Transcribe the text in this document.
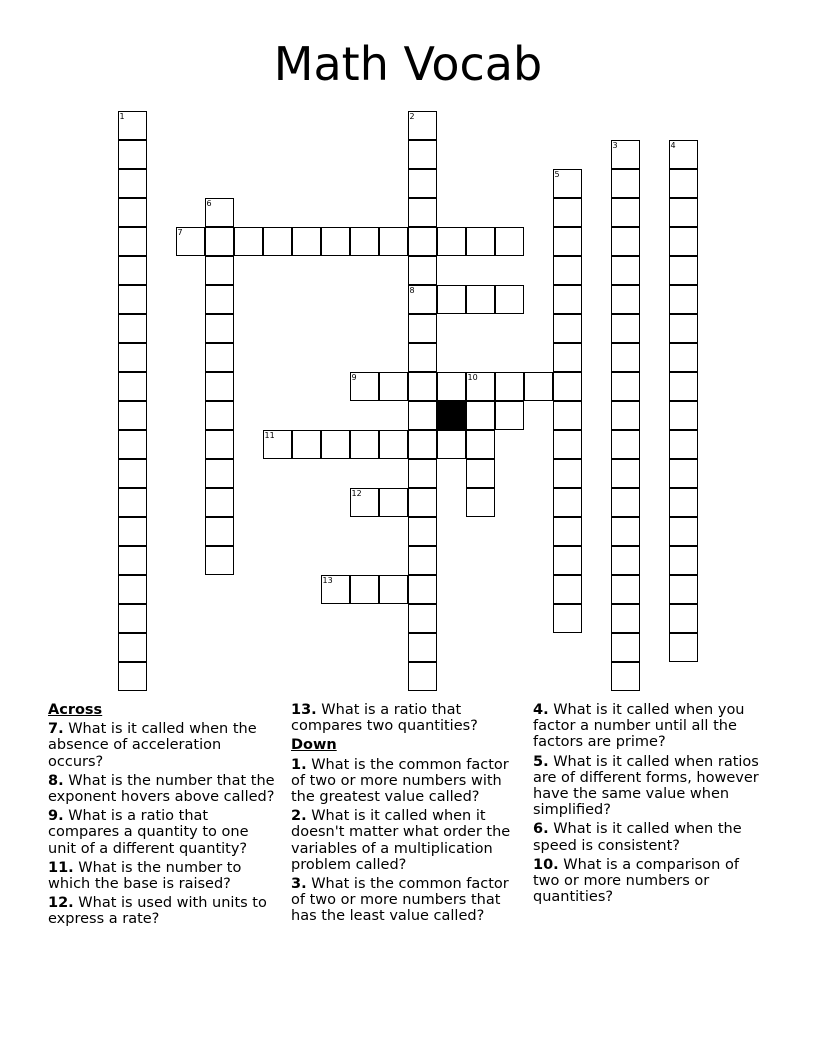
Math Vocab
1	2
8
3	4
5
6
7
9	10
11
12
13

Across

7. What is it called when the absence of acceleration occurs?

8. What is the number that the exponent hovers above called?

9. What is a ratio that compares a quantity to one unit of a different quantity?

11. What is the number to which the base is raised?

12. What is used with units to express a rate?

13. What is a ratio that compares two quantities?

Down

1. What is the common factor of two or more numbers with the greatest value called?

2. What is it called when it doesn't matter what order the variables of a multiplication problem called?

3. What is the common factor of two or more numbers that has the least value called?

4. What is it called when you factor a number until all the factors are prime?

5. What is it called when ratios are of different forms, however have the same value when simplified?

6. What is it called when the speed is consistent?

10. What is a comparison of two or more numbers or quantities?
